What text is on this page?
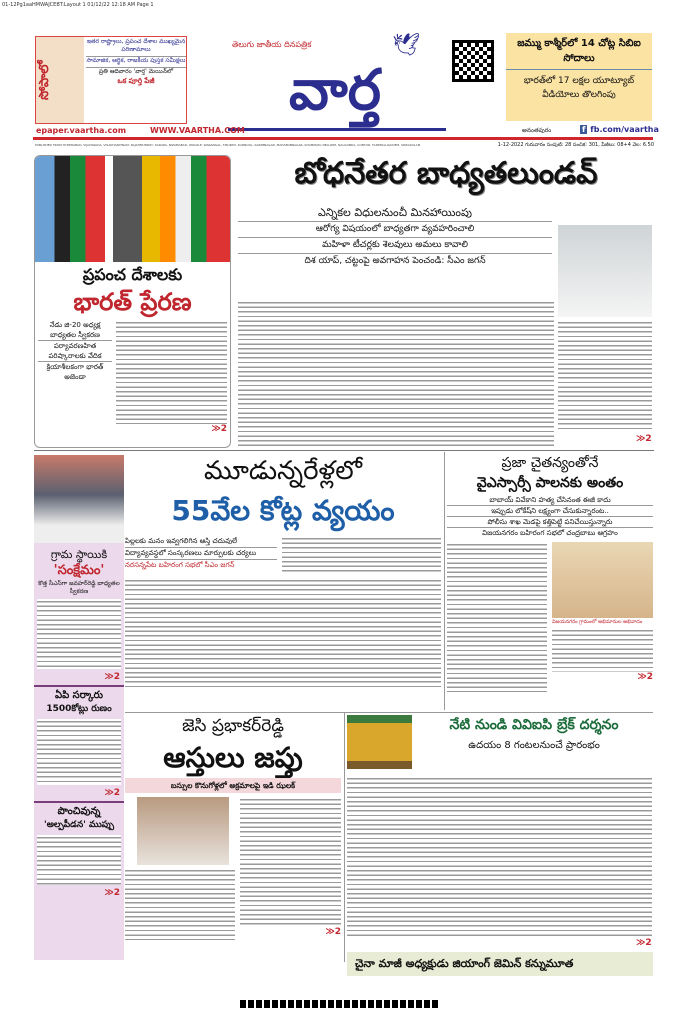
01-12Pg1aaHMWAJCEBT:Layout 1 01/12/22 12:18 AM Page 1
సోపాలో
ఇతర రాష్ట్రాలు, ప్రపంచ దేశాల ముఖ్యమైన పరిణామాలు
సామాజిక, ఆర్థిక, రాజకీయ పుస్తక సమీక్షలు
ప్రతి ఆదివారం 'వార్త' మెయిన్‌లో
ఒక పూర్తి పేజీ
తెలుగు జాతీయ దినపత్రిక	🕊
వార్త
జమ్ము కాశ్మీర్‌లో 14 చోట్ల సిబిఐ సోదాలు
భారత్‌లో 17 లక్షల యూట్యూబ్ వీడియోలు తొలగింపు
epaper.vaartha.com	WWW.VAARTHA.COM	అనంతపురం	f fb.com/vaartha
PUBLISHED FROM HYDERABAD, VIJAYAWADA, VISAKHAPATNAM, RAJAHMUNDRY, KADAPA, NIZAMABAD, ONGOLE, WARANGAL, TIRUPATI, KURNOOL, KARIMNAGAR, MAHABUBNAGAR, KHAMMAM, NELLORE, NALGONDA, GUNTUR, TADEPALLIGUDEM, SRIKAKULAM	1-12-2022 గురువారం సంపుటి: 28 సంచిక: 301, పేజీలు: 08+4 వెల: 6.50
ప్రపంచ దేశాలకు
భారత్ ప్రేరణ
నేడు జి-20 అధ్యక్ష బాధ్యతల స్వీకరణ
పర్యావరణహిత పరిష్కారాలకు వేదిక
క్రియాశీలకంగా భారత్ అజెండా
≫2
బోధనేతర బాధ్యతలుండవ్
ఎన్నికల విధులనుంచీ మినహాయింపు
ఆరోగ్య విషయంలో బాధ్యతగా వ్యవహరించాలి
మహిళా టీచర్లకు శెలవులు అమలు కావాలి
దిశ యాప్, చట్టంపై అవగాహన పెంచండి: సీఎం జగన్
≫2
గ్రామ స్థాయికి
'సంక్షేమం'
కొత్త సీఎస్‌గా జవహర్‌రెడ్డి బాధ్యతల స్వీకరణ
≫2
ఏపి సర్కారు
1500కోట్లు రుణం
≫2
పొంచివున్న
'అల్పపీడన' ముప్పు
≫2
మూడున్నరేళ్లలో
55వేల కోట్ల వ్యయం
పిల్లలకు మనం ఇవ్వగలిగిన ఆస్తి చదువులే
విద్యావ్యవస్థలో సంస్కరణలు మార్పులకు చర్యలు
నరసన్నపేట బహిరంగ సభలో సీఎం జగన్
ప్రజా చైతన్యంతోనే
వైఎస్సార్సీ పాలనకు అంతం
బాబాయ్ వివేకాని హత్య చేసినంత ఈజీ కాదు
ఇప్పుడు లోకేష్‌ని లక్ష్యంగా చేసుకున్నారంట..
పోలీసు శాఖ మెడపై కత్తిపెట్టి పనిచేయిస్తున్నారు
విజయనగరం బహిరంగ సభలో చంద్రబాబు ఆగ్రహం
విజయనగరం గ్రామంలో అభిమానుల అభివాదం
≫2
జెసి ప్రభాకర్‌రెడ్డి
ఆస్తులు జప్తు
బస్సుల కొనుగోళ్లలో అక్రమాలపై ఇడి ఝలక్
≫2
నేటి నుండి వివిఐపి బ్రేక్ దర్శనం
ఉదయం 8 గంటలనుంచే ప్రారంభం
≫2
చైనా మాజీ అధ్యక్షుడు జియాంగ్ జెమిన్ కన్నుమూత
